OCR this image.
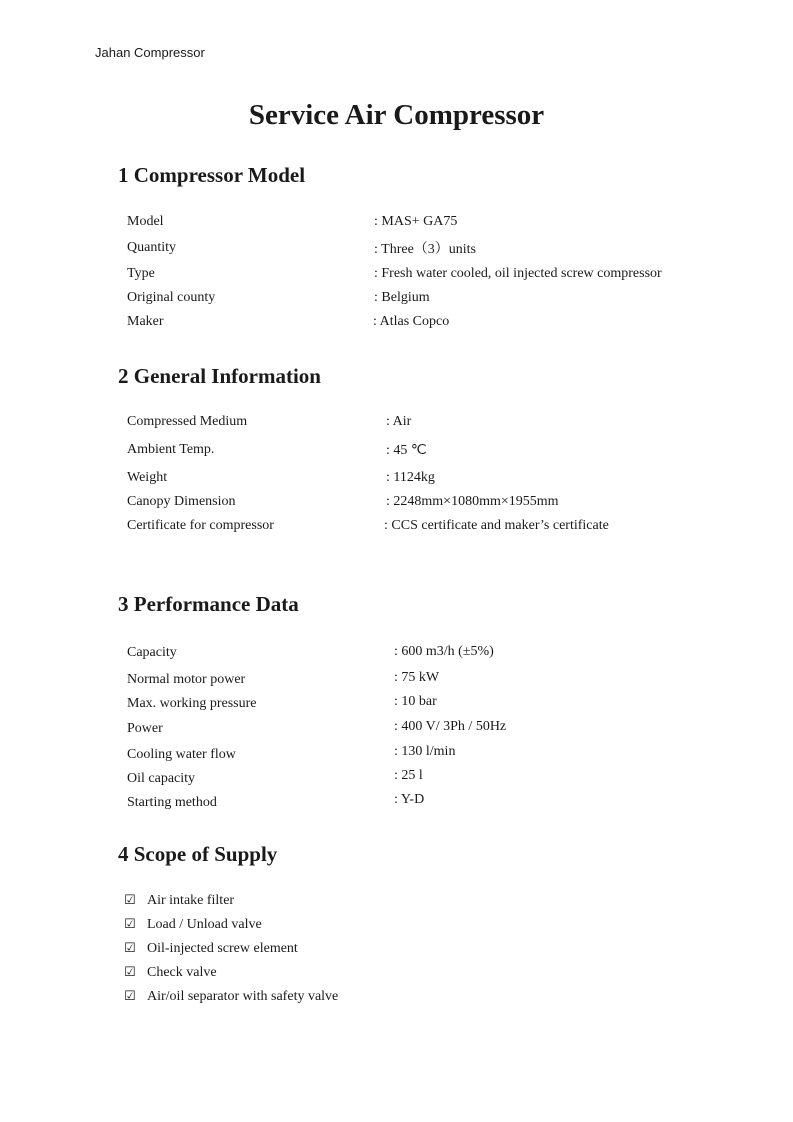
Jahan Compressor
Service Air Compressor
1 Compressor Model
Model	: MAS+ GA75
Quantity	: Three（3）units
Type	: Fresh water cooled, oil injected screw compressor
Original county	: Belgium
Maker	: Atlas Copco
2 General Information
Compressed Medium	: Air
Ambient Temp.	: 45 ℃
Weight	: 1124kg
Canopy Dimension	: 2248mm×1080mm×1955mm
Certificate for compressor	: CCS certificate and maker’s certificate
3 Performance Data
Capacity	: 600 m3/h (±5%)
Normal motor power	: 75 kW
Max. working pressure	: 10 bar
Power	: 400 V/ 3Ph / 50Hz
Cooling water flow	: 130 l/min
Oil capacity	: 25 l
Starting method	: Y-D
4 Scope of Supply
☑ Air intake filter
☑ Load / Unload valve
☑ Oil-injected screw element
☑ Check valve
☑ Air/oil separator with safety valve
